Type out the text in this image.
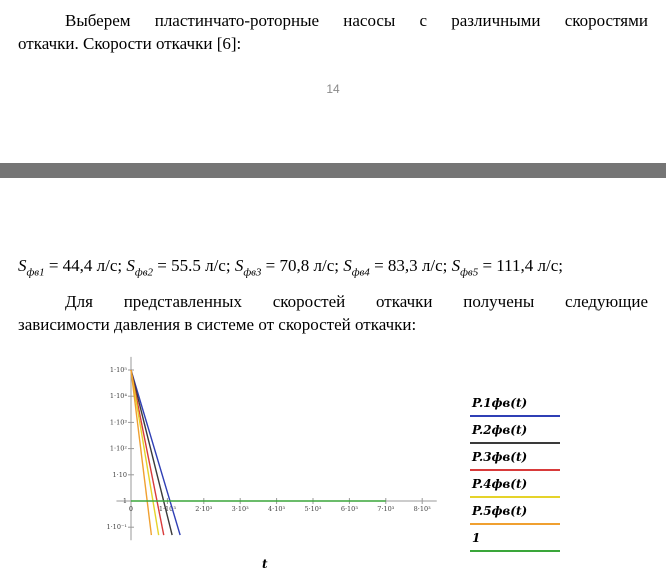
Выберем пластинчато-роторные насосы с различными скоростями
откачки. Скорости откачки [6]:
14
$S_{фв1} = 44,4$ л/с; $S_{фв2} = 55.5$ л/с; $S_{фв3} = 70,8$ л/с; $S_{фв4} = 83,3$ л/с; $S_{фв5} = 111,4$ л/с;
Для представленных скоростей откачки получены следующие
зависимости давления в системе от скоростей откачки:
0	1·10³	2·10³	3·10³	4·10³	5·10³	6·10³	7·10³	8·10³
1·10⁻¹
1
1·10
1·10²
1·10³
1·10⁴
1·10⁵
P.1фв(t)
P.2фв(t)
P.3фв(t)
P.4фв(t)
P.5фв(t)
1
t
